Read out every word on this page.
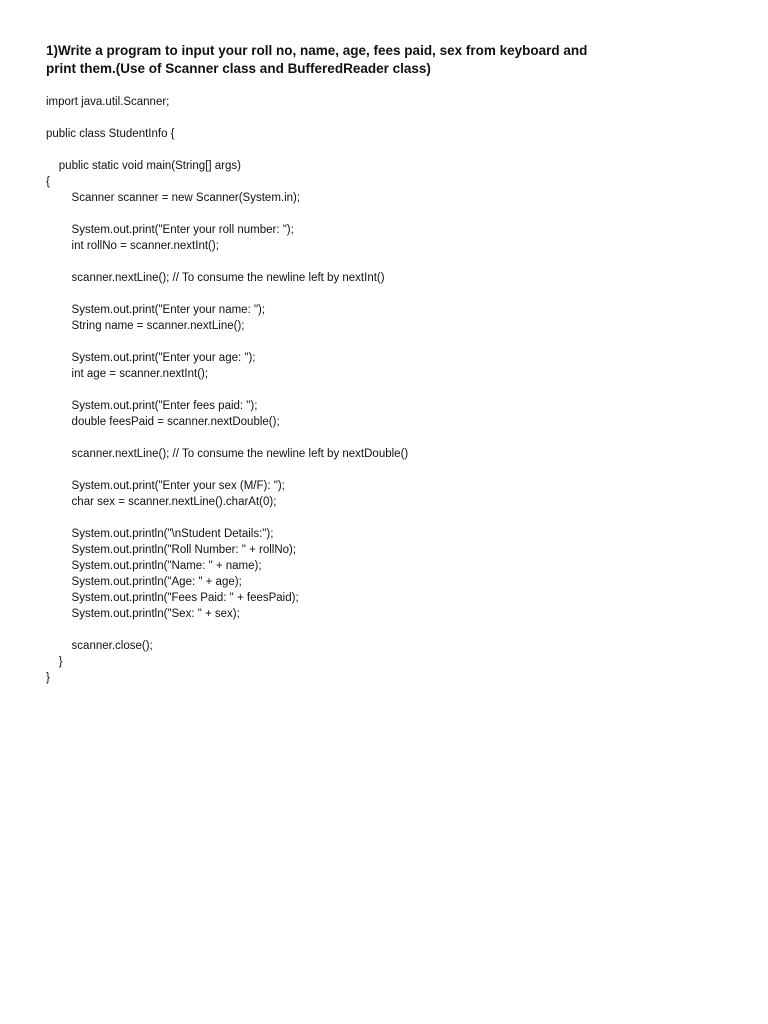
1)Write a program to input your roll no, name, age, fees paid, sex from keyboard and
print them.(Use of Scanner class and BufferedReader class)
import java.util.Scanner;
public class StudentInfo {
public static void main(String[] args)
{
Scanner scanner = new Scanner(System.in);
System.out.print("Enter your roll number: ");
int rollNo = scanner.nextInt();
scanner.nextLine(); // To consume the newline left by nextInt()
System.out.print("Enter your name: ");
String name = scanner.nextLine();
System.out.print("Enter your age: ");
int age = scanner.nextInt();
System.out.print("Enter fees paid: ");
double feesPaid = scanner.nextDouble();
scanner.nextLine(); // To consume the newline left by nextDouble()
System.out.print("Enter your sex (M/F): ");
char sex = scanner.nextLine().charAt(0);
System.out.println("\nStudent Details:");
System.out.println("Roll Number: " + rollNo);
System.out.println("Name: " + name);
System.out.println("Age: " + age);
System.out.println("Fees Paid: " + feesPaid);
System.out.println("Sex: " + sex);
scanner.close();
}
}
